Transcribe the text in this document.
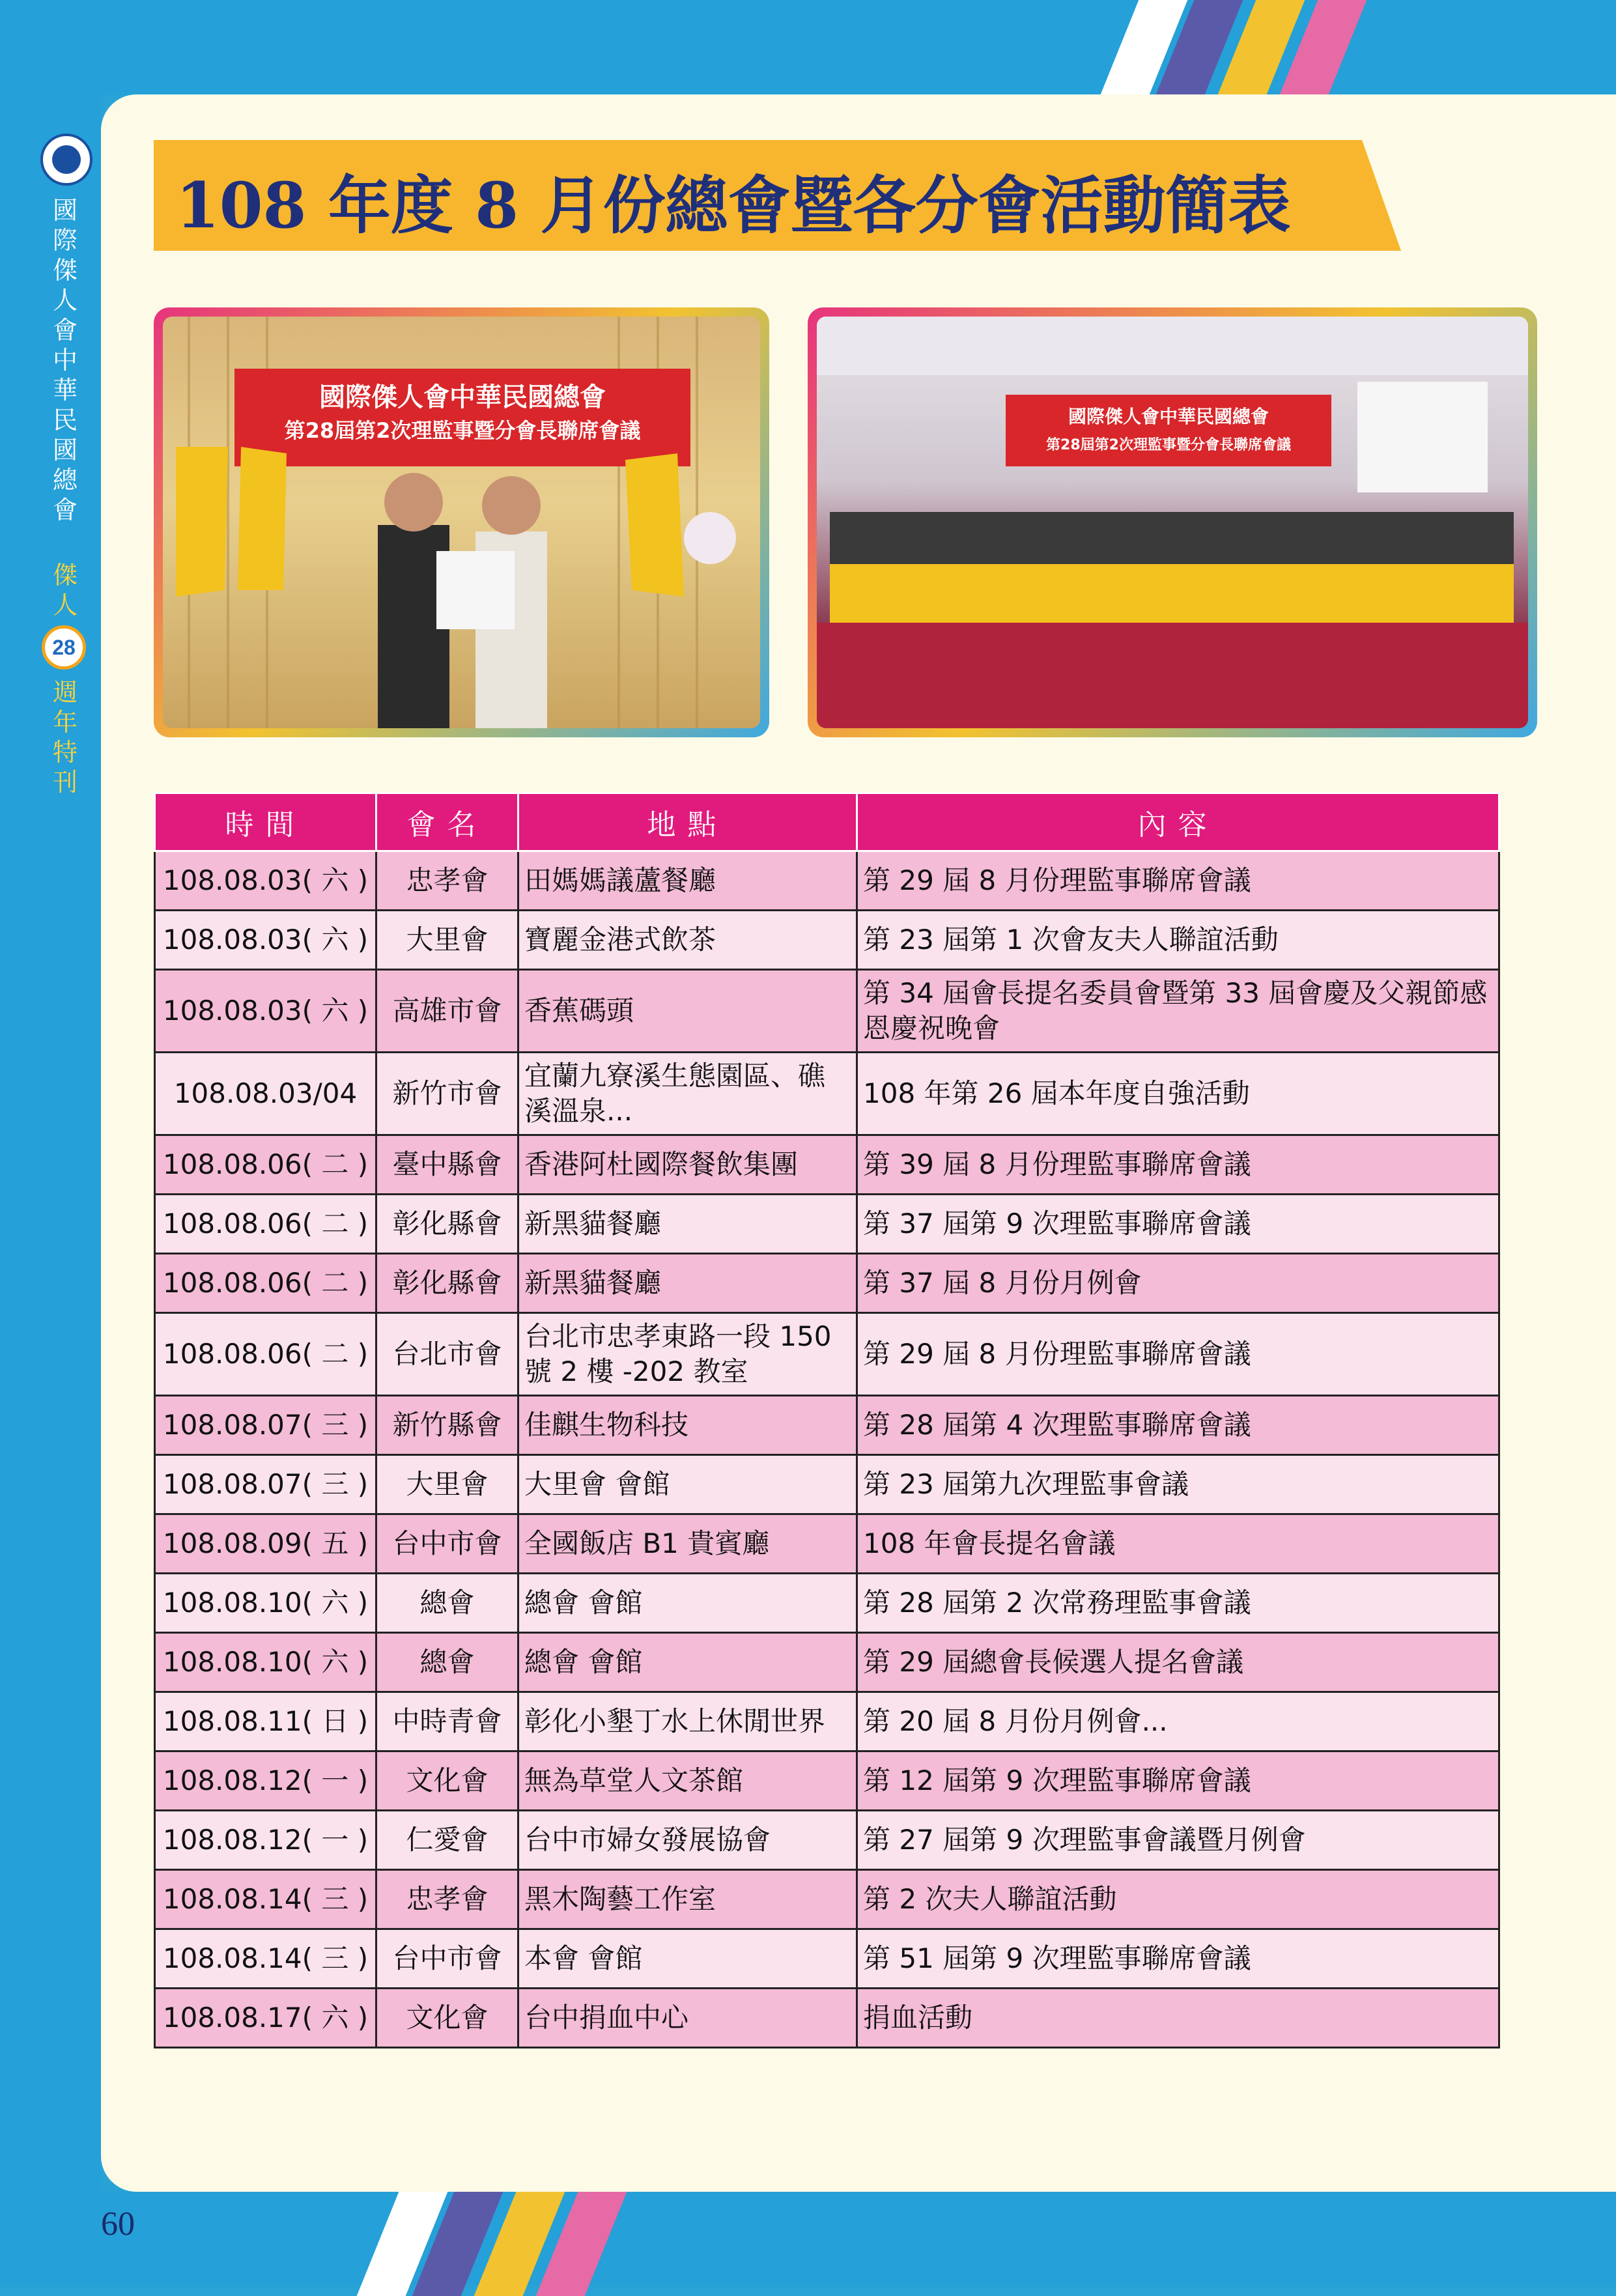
國
際
傑
人
會
中
華
民
國
總
會
傑
人
28
週
年
特
刊
108 年度 8 月份總會暨各分會活動簡表
國際傑人會中華民國總會
第28屆第2次理監事暨分會長聯席會議
國際傑人會中華民國總會
第28屆第2次理監事暨分會長聯席會議
時間	會名	地點	內容
108.08.03( 六 )	忠孝會	田媽媽議蘆餐廳	第 29 屆 8 月份理監事聯席會議
108.08.03( 六 )	大里會	寶麗金港式飲茶	第 23 屆第 1 次會友夫人聯誼活動
108.08.03( 六 )	高雄市會	香蕉碼頭	第 34 屆會長提名委員會暨第 33 屆會慶及父親節感恩慶祝晚會
108.08.03/04	新竹市會	宜蘭九寮溪生態園區、礁溪溫泉...	108 年第 26 屆本年度自強活動
108.08.06( 二 )	臺中縣會	香港阿杜國際餐飲集團	第 39 屆 8 月份理監事聯席會議
108.08.06( 二 )	彰化縣會	新黑貓餐廳	第 37 屆第 9 次理監事聯席會議
108.08.06( 二 )	彰化縣會	新黑貓餐廳	第 37 屆 8 月份月例會
108.08.06( 二 )	台北市會	台北市忠孝東路一段 150 號 2 樓 -202 教室	第 29 屆 8 月份理監事聯席會議
108.08.07( 三 )	新竹縣會	佳麒生物科技	第 28 屆第 4 次理監事聯席會議
108.08.07( 三 )	大里會	大里會 會館	第 23 屆第九次理監事會議
108.08.09( 五 )	台中市會	全國飯店 B1 貴賓廳	108 年會長提名會議
108.08.10( 六 )	總會	總會 會館	第 28 屆第 2 次常務理監事會議
108.08.10( 六 )	總會	總會 會館	第 29 屆總會長候選人提名會議
108.08.11( 日 )	中時青會	彰化小墾丁水上休閒世界	第 20 屆 8 月份月例會...
108.08.12( 一 )	文化會	無為草堂人文茶館	第 12 屆第 9 次理監事聯席會議
108.08.12( 一 )	仁愛會	台中市婦女發展協會	第 27 屆第 9 次理監事會議暨月例會
108.08.14( 三 )	忠孝會	黑木陶藝工作室	第 2 次夫人聯誼活動
108.08.14( 三 )	台中市會	本會 會館	第 51 屆第 9 次理監事聯席會議
108.08.17( 六 )	文化會	台中捐血中心	捐血活動
60
